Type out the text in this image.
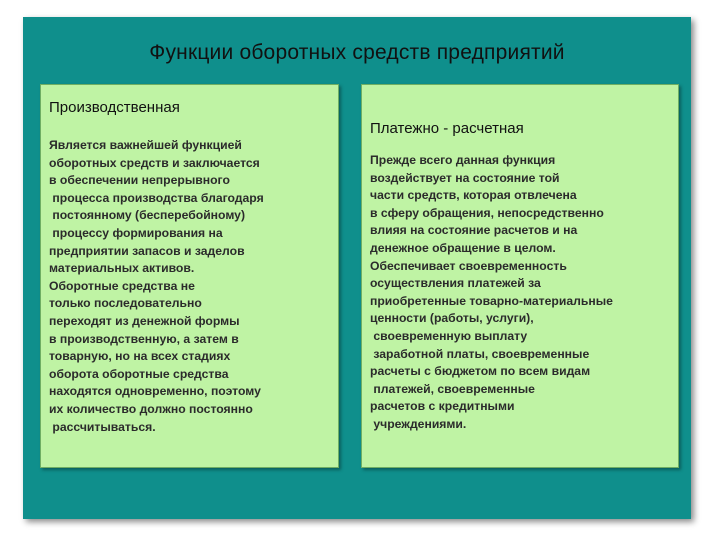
Функции оборотных средств предприятий
Производственная
Является важнейшей функцией
оборотных средств и заключается
в обеспечении непрерывного
процесса производства благодаря
постоянному (бесперебойному)
процессу формирования на
предприятии запасов и заделов
материальных активов.
Оборотные средства не
только последовательно
переходят из денежной формы
в производственную, а затем в
товарную, но на всех стадиях
оборота оборотные средства
находятся одновременно, поэтому
их количество должно постоянно
рассчитываться.
Платежно - расчетная
Прежде всего данная функция
воздействует на состояние той
части средств, которая отвлечена
в сферу обращения, непосредственно
влияя на состояние расчетов и на
денежное обращение в целом.
Обеспечивает своевременность
осуществления платежей за
приобретенные товарно-материальные
ценности (работы, услуги),
своевременную выплату
заработной платы, своевременные
расчеты с бюджетом по всем видам
платежей, своевременные
расчетов с кредитными
учреждениями.
